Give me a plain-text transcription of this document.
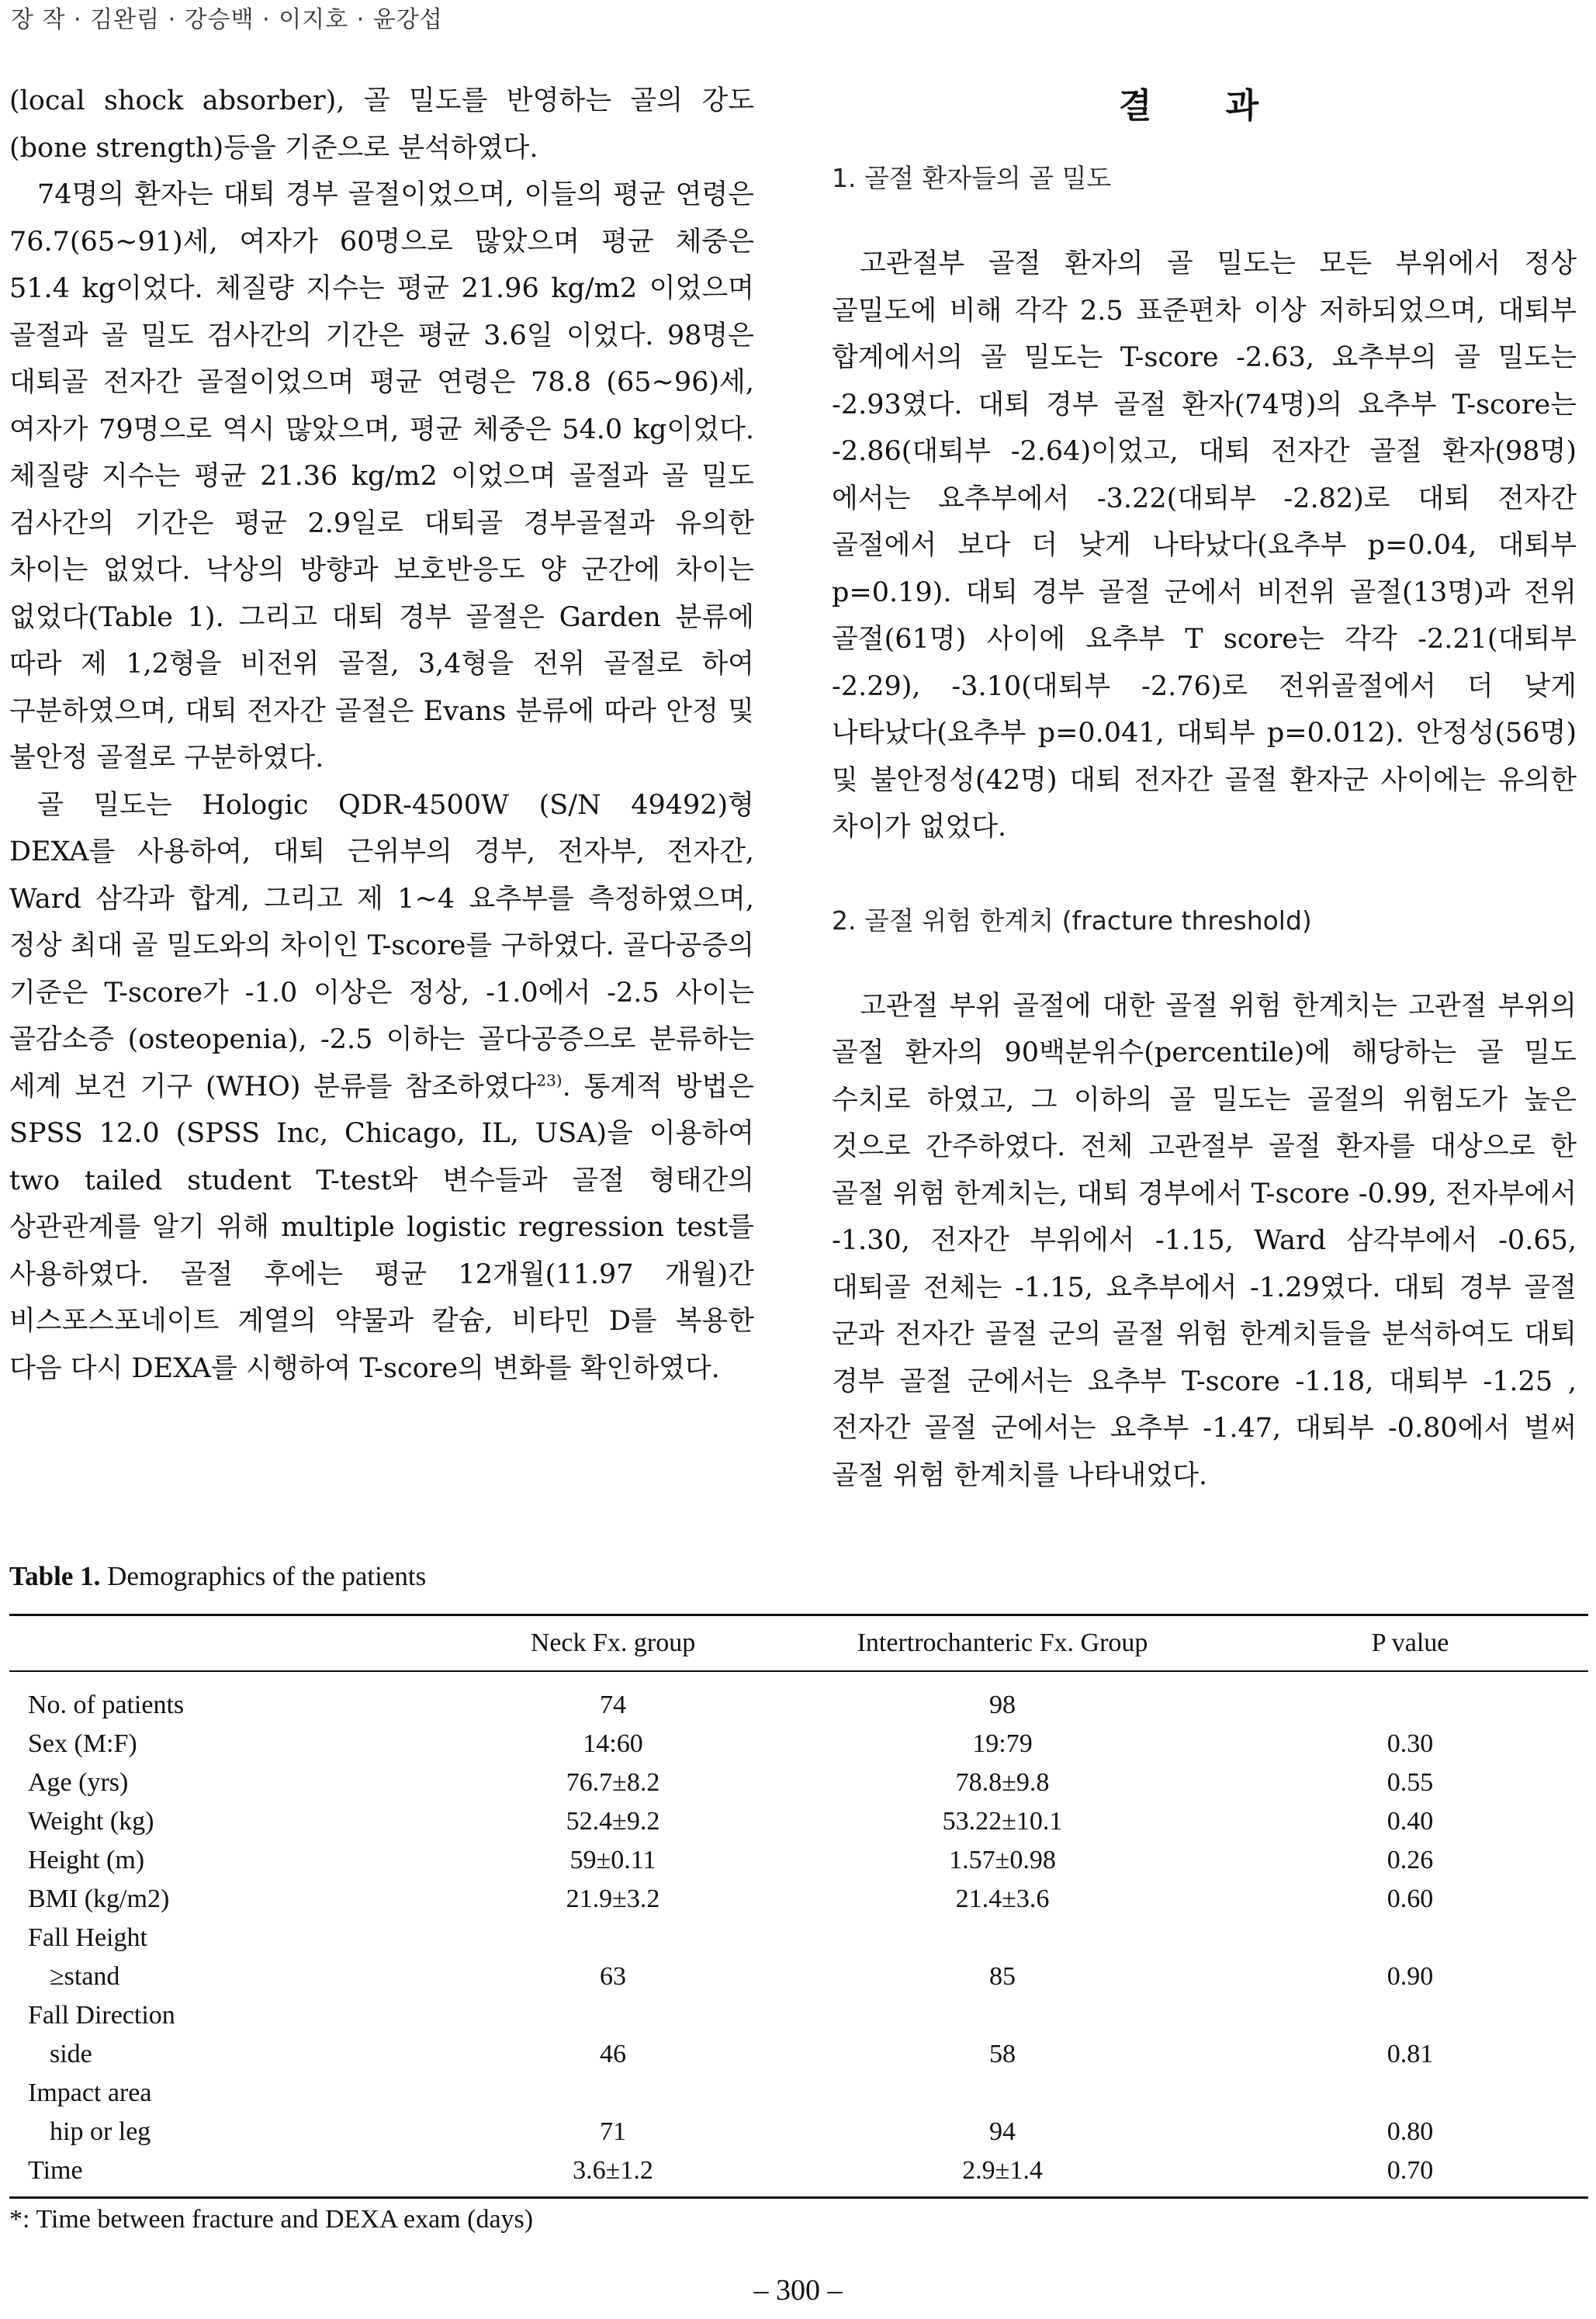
장 작 · 김완림 · 강승백 · 이지호 · 윤강섭

(local shock absorber), 골 밀도를 반영하는 골의 강도 (bone strength)등을 기준으로 분석하였다.

74명의 환자는 대퇴 경부 골절이었으며, 이들의 평균 연령은 76.7(65~91)세, 여자가 60명으로 많았으며 평균 체중은 51.4 kg이었다. 체질량 지수는 평균 21.96 kg/m2 이었으며 골절과 골 밀도 검사간의 기간은 평균 3.6일 이었다. 98명은 대퇴골 전자간 골절이었으며 평균 연령은 78.8 (65~96)세, 여자가 79명으로 역시 많았으며, 평균 체중은 54.0 kg이었다. 체질량 지수는 평균 21.36 kg/m2 이었으며 골절과 골 밀도 검사간의 기간은 평균 2.9일로 대퇴골 경부골절과 유의한 차이는 없었다. 낙상의 방향과 보호반응도 양 군간에 차이는 없었다(Table 1). 그리고 대퇴 경부 골절은 Garden 분류에 따라 제 1,2형을 비전위 골절, 3,4형을 전위 골절로 하여 구분하였으며, 대퇴 전자간 골절은 Evans 분류에 따라 안정 및 불안정 골절로 구분하였다.

골 밀도는 Hologic QDR-4500W (S/N 49492)형 DEXA를 사용하여, 대퇴 근위부의 경부, 전자부, 전자간, Ward 삼각과 합계, 그리고 제 1~4 요추부를 측정하였으며, 정상 최대 골 밀도와의 차이인 T-score를 구하였다. 골다공증의 기준은 T-score가 -1.0 이상은 정상, -1.0에서 -2.5 사이는 골감소증 (osteopenia), -2.5 이하는 골다공증으로 분류하는 세계 보건 기구 (WHO) 분류를 참조하였다$^{23)}$. 통계적 방법은 SPSS 12.0 (SPSS Inc, Chicago, IL, USA)을 이용하여 two tailed student T-test와 변수들과 골절 형태간의 상관관계를 알기 위해 multiple logistic regression test를 사용하였다. 골절 후에는 평균 12개월(11.97 개월)간 비스포스포네이트 계열의 약물과 칼슘, 비타민 D를 복용한 다음 다시 DEXA를 시행하여 T-score의 변화를 확인하였다.

결 과
1. 골절 환자들의 골 밀도

고관절부 골절 환자의 골 밀도는 모든 부위에서 정상 골밀도에 비해 각각 2.5 표준편차 이상 저하되었으며, 대퇴부 합계에서의 골 밀도는 T-score -2.63, 요추부의 골 밀도는 -2.93였다. 대퇴 경부 골절 환자(74명)의 요추부 T-score는 -2.86(대퇴부 -2.64)이었고, 대퇴 전자간 골절 환자(98명)에서는 요추부에서 -3.22(대퇴부 -2.82)로 대퇴 전자간 골절에서 보다 더 낮게 나타났다(요추부 p=0.04, 대퇴부 p=0.19). 대퇴 경부 골절 군에서 비전위 골절(13명)과 전위 골절(61명) 사이에 요추부 T score는 각각 -2.21(대퇴부 -2.29), -3.10(대퇴부 -2.76)로 전위골절에서 더 낮게 나타났다(요추부 p=0.041, 대퇴부 p=0.012). 안정성(56명) 및 불안정성(42명) 대퇴 전자간 골절 환자군 사이에는 유의한 차이가 없었다.

2. 골절 위험 한계치 (fracture threshold)

고관절 부위 골절에 대한 골절 위험 한계치는 고관절 부위의 골절 환자의 90백분위수(percentile)에 해당하는 골 밀도 수치로 하였고, 그 이하의 골 밀도는 골절의 위험도가 높은 것으로 간주하였다. 전체 고관절부 골절 환자를 대상으로 한 골절 위험 한계치는, 대퇴 경부에서 T-score -0.99, 전자부에서 -1.30, 전자간 부위에서 -1.15, Ward 삼각부에서 -0.65, 대퇴골 전체는 -1.15, 요추부에서 -1.29였다. 대퇴 경부 골절 군과 전자간 골절 군의 골절 위험 한계치들을 분석하여도 대퇴 경부 골절 군에서는 요추부 T-score -1.18, 대퇴부 -1.25 , 전자간 골절 군에서는 요추부 -1.47, 대퇴부 -0.80에서 벌써 골절 위험 한계치를 나타내었다.

Table 1. Demographics of the patients
	Neck Fx. group	Intertrochanteric Fx. Group	P value
No. of patients	74	98	
Sex (M:F)	14:60	19:79	0.30
Age (yrs)	76.7±8.2	78.8±9.8	0.55
Weight (kg)	52.4±9.2	53.22±10.1	0.40
Height (m)	59±0.11	1.57±0.98	0.26
BMI (kg/m2)	21.9±3.2	21.4±3.6	0.60
Fall Height			
≥stand	63	85	0.90
Fall Direction			
side	46	58	0.81
Impact area			
hip or leg	71	94	0.80
Time	3.6±1.2	2.9±1.4	0.70
*: Time between fracture and DEXA exam (days)
– 300 –
